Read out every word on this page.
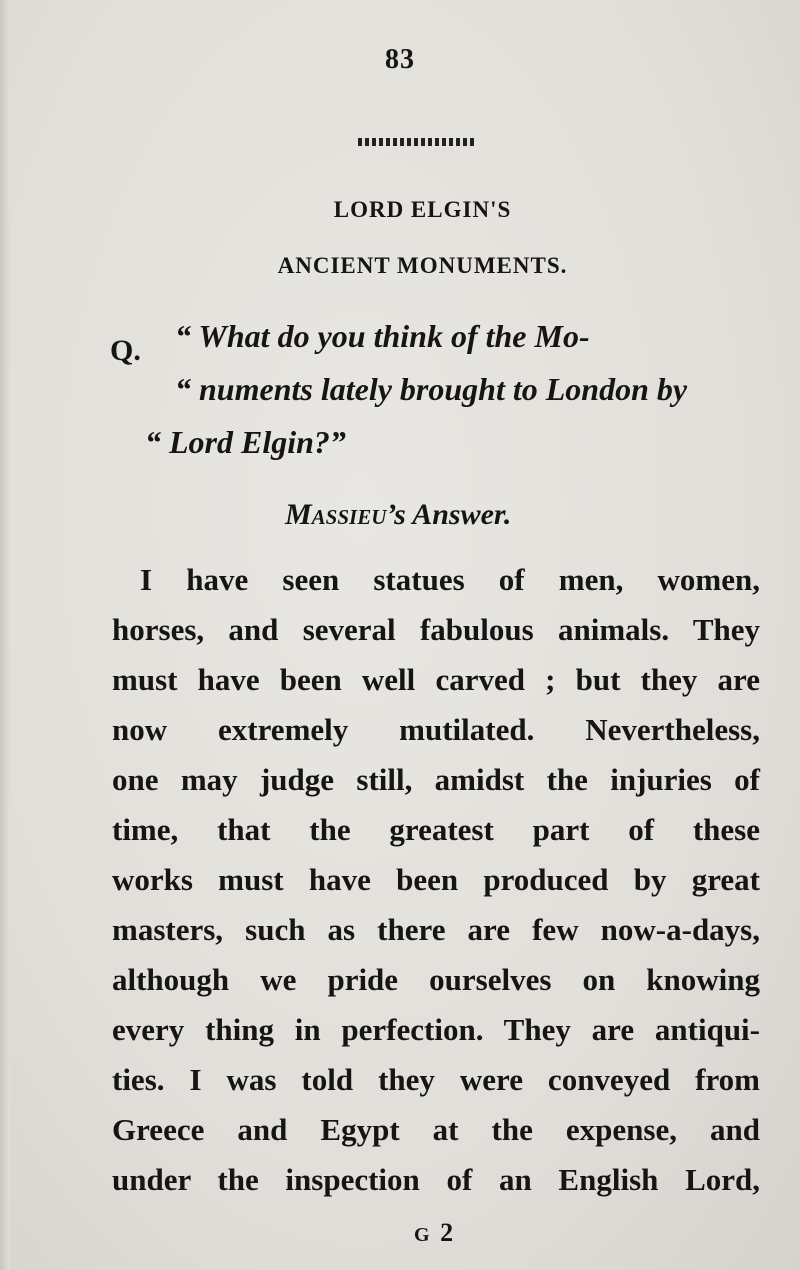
83
LORD ELGIN'S
ANCIENT MONUMENTS.
Q. “ What do you think of the Mo-
“ numents lately brought to London by
“ Lord Elgin?”
Massieu’s Answer.
I have seen statues of men, women,
horses, and several fabulous animals. They
must have been well carved ; but they are
now extremely mutilated. Nevertheless,
one may judge still, amidst the injuries of
time, that the greatest part of these
works must have been produced by great
masters, such as there are few now-a-days,
although we pride ourselves on knowing
every thing in perfection. They are antiqui-
ties. I was told they were conveyed from
Greece and Egypt at the expense, and
under the inspection of an English Lord,
G 2
